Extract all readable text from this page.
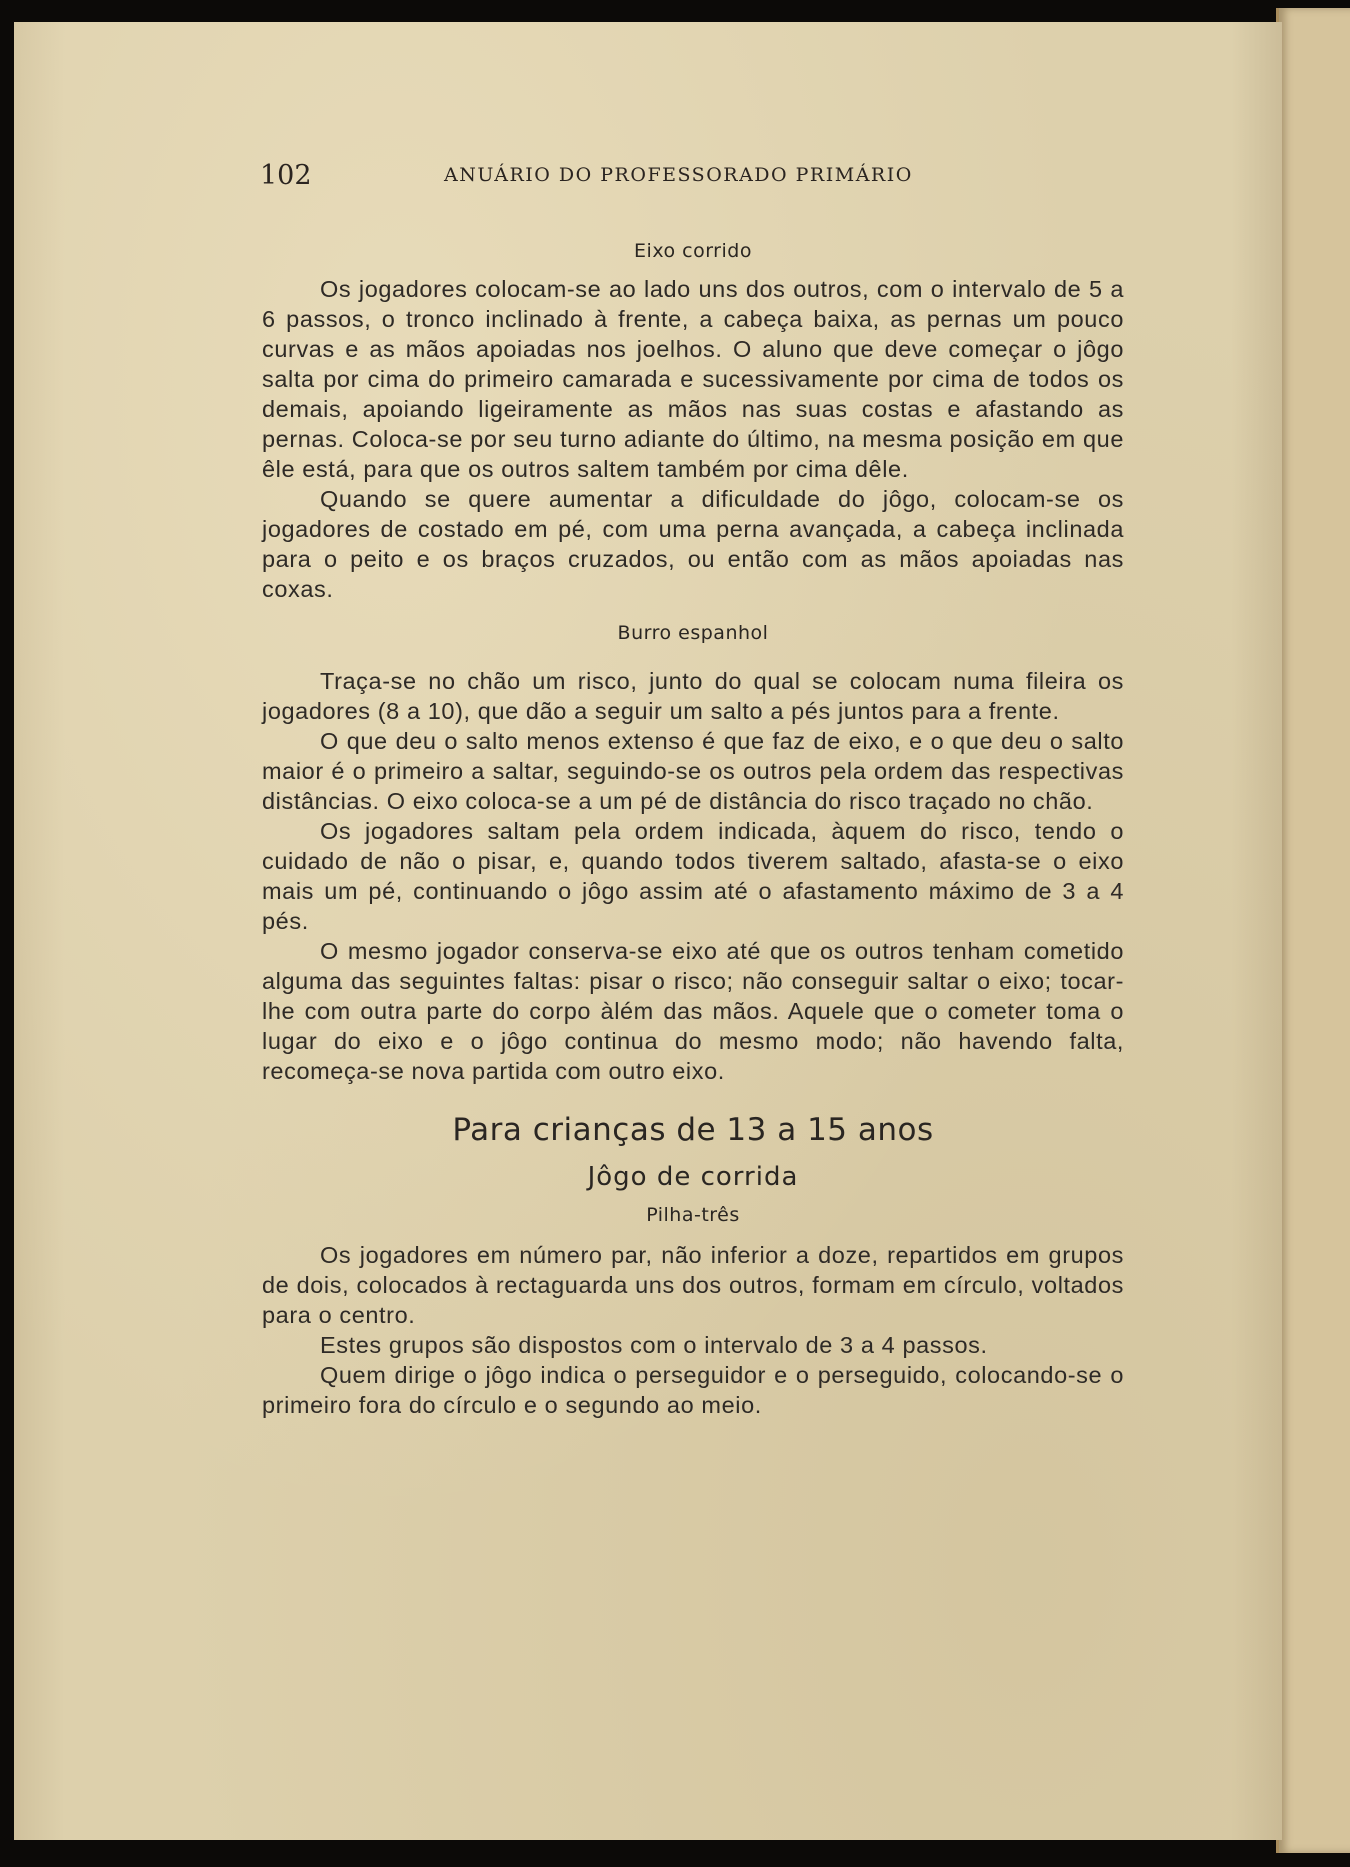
102	ANUÁRIO DO PROFESSORADO PRIMÁRIO
Eixo corrido

Os jogadores colocam-se ao lado uns dos outros, com o intervalo de 5 a 6 passos, o tronco inclinado à frente, a cabeça baixa, as pernas um pouco curvas e as mãos apoiadas nos joelhos. O aluno que deve começar o jôgo salta por cima do primeiro camarada e sucessivamente por cima de todos os demais, apoiando ligeiramente as mãos nas suas costas e afastando as pernas. Coloca-se por seu turno adiante do último, na mesma posição em que êle está, para que os outros saltem também por cima dêle.

Quando se quere aumentar a dificuldade do jôgo, colocam-se os jogadores de costado em pé, com uma perna avançada, a cabeça inclinada para o peito e os braços cruzados, ou então com as mãos apoiadas nas coxas.

Burro espanhol

Traça-se no chão um risco, junto do qual se colocam numa fileira os jogadores (8 a 10), que dão a seguir um salto a pés juntos para a frente.

O que deu o salto menos extenso é que faz de eixo, e o que deu o salto maior é o primeiro a saltar, seguindo-se os outros pela ordem das respectivas distâncias. O eixo coloca-se a um pé de distância do risco traçado no chão.

Os jogadores saltam pela ordem indicada, àquem do risco, tendo o cuidado de não o pisar, e, quando todos tiverem saltado, afasta-se o eixo mais um pé, continuando o jôgo assim até o afastamento máximo de 3 a 4 pés.

O mesmo jogador conserva-se eixo até que os outros tenham cometido alguma das seguintes faltas: pisar o risco; não conseguir saltar o eixo; tocar-lhe com outra parte do corpo àlém das mãos. Aquele que o cometer toma o lugar do eixo e o jôgo continua do mesmo modo; não havendo falta, recomeça-se nova partida com outro eixo.

Para crianças de 13 a 15 anos
Jôgo de corrida
Pilha-três

Os jogadores em número par, não inferior a doze, repartidos em grupos de dois, colocados à rectaguarda uns dos outros, formam em círculo, voltados para o centro.

Estes grupos são dispostos com o intervalo de 3 a 4 passos.

Quem dirige o jôgo indica o perseguidor e o perseguido, colocando-se o primeiro fora do círculo e o segundo ao meio.
